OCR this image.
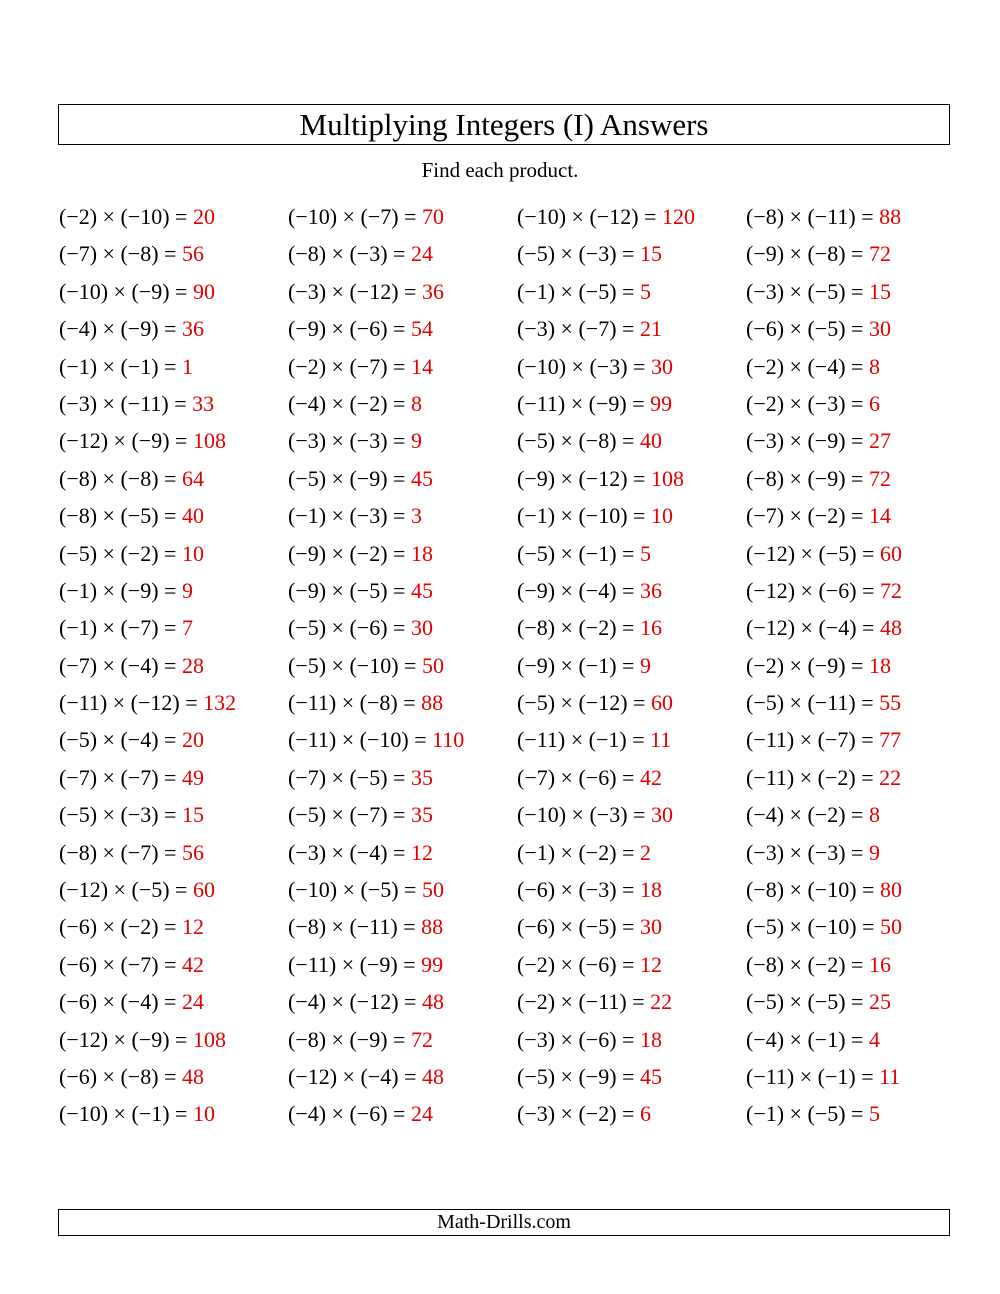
Multiplying Integers (I) Answers
Find each product.
(−2) × (−10) = 20	(−10) × (−7) = 70	(−10) × (−12) = 120	(−8) × (−11) = 88
(−7) × (−8) = 56	(−8) × (−3) = 24	(−5) × (−3) = 15	(−9) × (−8) = 72
(−10) × (−9) = 90	(−3) × (−12) = 36	(−1) × (−5) = 5	(−3) × (−5) = 15
(−4) × (−9) = 36	(−9) × (−6) = 54	(−3) × (−7) = 21	(−6) × (−5) = 30
(−1) × (−1) = 1	(−2) × (−7) = 14	(−10) × (−3) = 30	(−2) × (−4) = 8
(−3) × (−11) = 33	(−4) × (−2) = 8	(−11) × (−9) = 99	(−2) × (−3) = 6
(−12) × (−9) = 108	(−3) × (−3) = 9	(−5) × (−8) = 40	(−3) × (−9) = 27
(−8) × (−8) = 64	(−5) × (−9) = 45	(−9) × (−12) = 108	(−8) × (−9) = 72
(−8) × (−5) = 40	(−1) × (−3) = 3	(−1) × (−10) = 10	(−7) × (−2) = 14
(−5) × (−2) = 10	(−9) × (−2) = 18	(−5) × (−1) = 5	(−12) × (−5) = 60
(−1) × (−9) = 9	(−9) × (−5) = 45	(−9) × (−4) = 36	(−12) × (−6) = 72
(−1) × (−7) = 7	(−5) × (−6) = 30	(−8) × (−2) = 16	(−12) × (−4) = 48
(−7) × (−4) = 28	(−5) × (−10) = 50	(−9) × (−1) = 9	(−2) × (−9) = 18
(−11) × (−12) = 132	(−11) × (−8) = 88	(−5) × (−12) = 60	(−5) × (−11) = 55
(−5) × (−4) = 20	(−11) × (−10) = 110	(−11) × (−1) = 11	(−11) × (−7) = 77
(−7) × (−7) = 49	(−7) × (−5) = 35	(−7) × (−6) = 42	(−11) × (−2) = 22
(−5) × (−3) = 15	(−5) × (−7) = 35	(−10) × (−3) = 30	(−4) × (−2) = 8
(−8) × (−7) = 56	(−3) × (−4) = 12	(−1) × (−2) = 2	(−3) × (−3) = 9
(−12) × (−5) = 60	(−10) × (−5) = 50	(−6) × (−3) = 18	(−8) × (−10) = 80
(−6) × (−2) = 12	(−8) × (−11) = 88	(−6) × (−5) = 30	(−5) × (−10) = 50
(−6) × (−7) = 42	(−11) × (−9) = 99	(−2) × (−6) = 12	(−8) × (−2) = 16
(−6) × (−4) = 24	(−4) × (−12) = 48	(−2) × (−11) = 22	(−5) × (−5) = 25
(−12) × (−9) = 108	(−8) × (−9) = 72	(−3) × (−6) = 18	(−4) × (−1) = 4
(−6) × (−8) = 48	(−12) × (−4) = 48	(−5) × (−9) = 45	(−11) × (−1) = 11
(−10) × (−1) = 10	(−4) × (−6) = 24	(−3) × (−2) = 6	(−1) × (−5) = 5
Math-Drills.com
